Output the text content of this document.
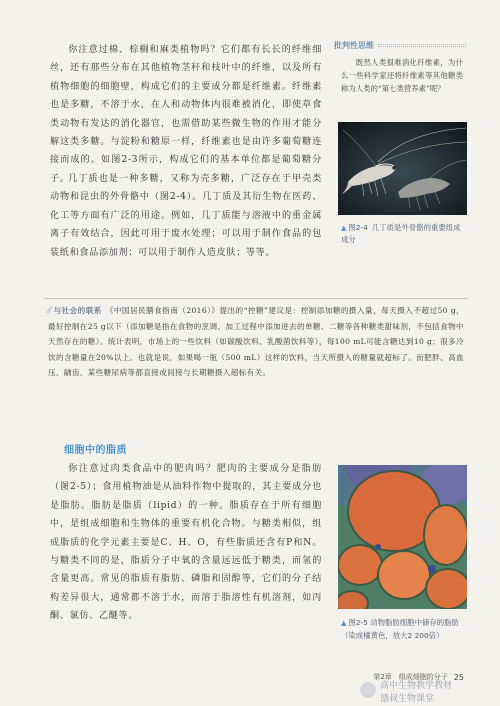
你注意过棉、棕榈和麻类植物吗？它们都有长长的纤维细丝，还有那些分布在其他植物茎秆和枝叶中的纤维，以及所有植物细胞的细胞壁，构成它们的主要成分都是纤维素。纤维素也是多糖，不溶于水，在人和动物体内很难被消化，即使草食类动物有发达的消化器官，也需借助某些微生物的作用才能分解这类多糖。与淀粉和糖原一样，纤维素也是由许多葡萄糖连接而成的。如图2-3所示，构成它们的基本单位都是葡萄糖分子。

几丁质也是一种多糖，又称为壳多糖，广泛存在于甲壳类动物和昆虫的外骨骼中（图2-4）。几丁质及其衍生物在医药、化工等方面有广泛的用途。例如，几丁质能与溶液中的重金属离子有效结合，因此可用于废水处理；可以用于制作食品的包装纸和食品添加剂；可以用于制作人造皮肤；等等。

批判性思维

既然人类很难消化纤维素，为什么一些科学家还将纤维素等其他糖类称为人类的“第七类营养素”呢？

▲ 图2-4 几丁质是外骨骼的重要组成成分

⁄⁄ 与社会的联系 《中国居民膳食指南（2016）》提出的“控糖”建议是：控制添加糖的摄入量，每天摄入不超过50 g，最好控制在25 g以下（添加糖是指在食物的烹调、加工过程中添加进去的单糖、二糖等各种糖类甜味剂，不包括食物中天然存在的糖）。统计表明，市场上的一些饮料（如碳酸饮料、乳酸菌饮料等），每100 mL可能含糖达到10 g；很多冷饮的含糖量在20%以上。也就是说，如果喝一瓶（500 mL）这样的饮料，当天所摄入的糖量就超标了。而肥胖、高血压、龋齿、某些糖尿病等都直接或间接与长期糖摄入超标有关。

细胞中的脂质

你注意过肉类食品中的肥肉吗？肥肉的主要成分是脂肪（图2-5）；食用植物油是从油料作物中提取的，其主要成分也是脂肪。脂肪是脂质（lipid）的一种。脂质存在于所有细胞中，是组成细胞和生物体的重要有机化合物。与糖类相似，组成脂质的化学元素主要是C、H、O，有些脂质还含有P和N。与糖类不同的是，脂质分子中氧的含量远远低于糖类，而氢的含量更高。常见的脂质有脂肪、磷脂和固醇等，它们的分子结构差异很大，通常都不溶于水，而溶于脂溶性有机溶剂，如丙酮、氯仿、乙醚等。

▲ 图2-5 动物脂肪细胞中储存的脂肪（染成橘黄色，放大2 200倍）
第2章　组成细胞的分子 25
高中生物教学教材
德叔生物课堂
